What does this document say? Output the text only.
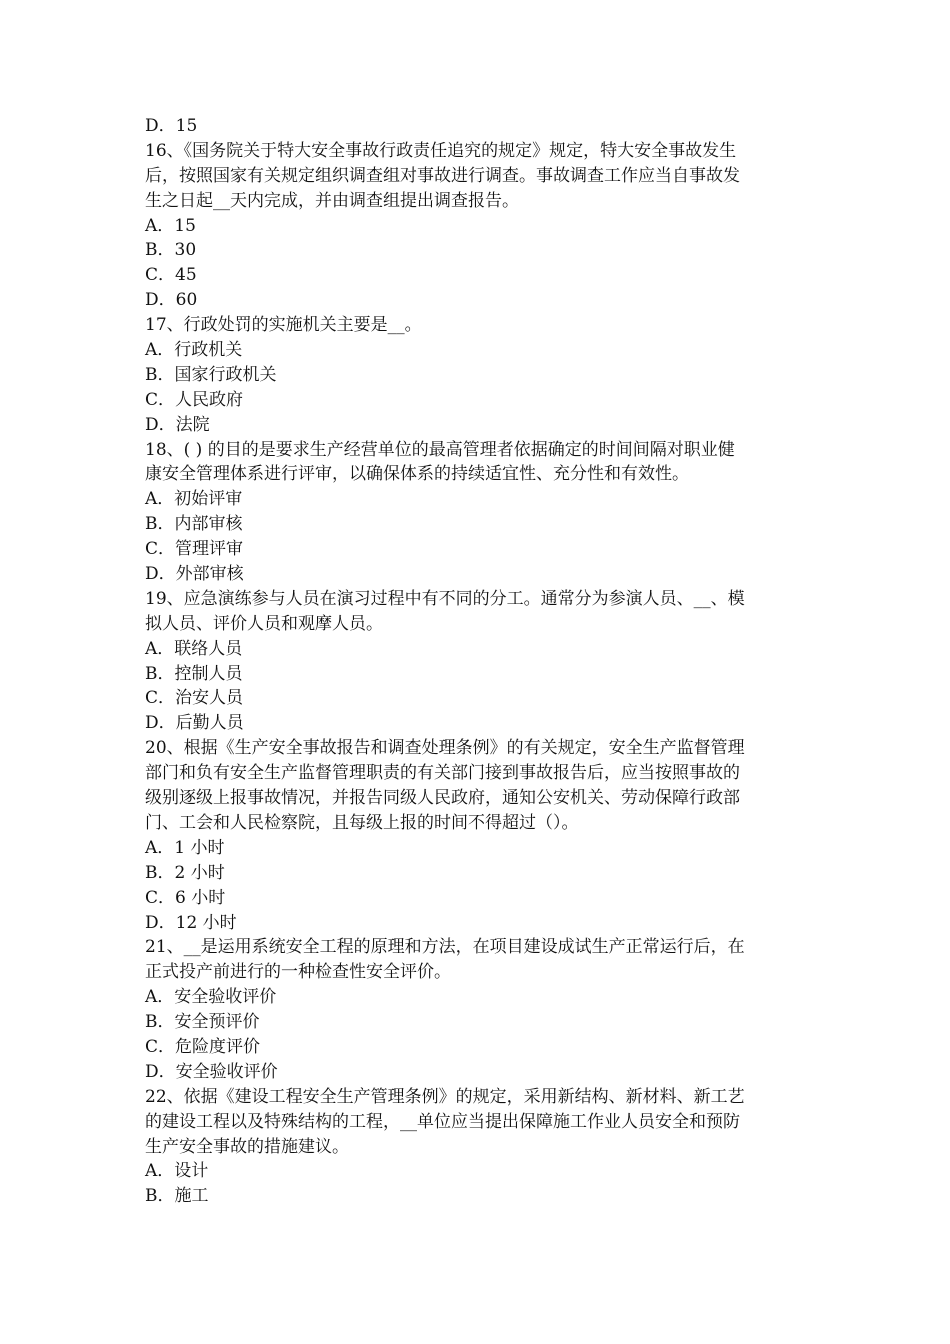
D．15
16、《国务院关于特大安全事故行政责任追究的规定》规定，特大安全事故发生
后，按照国家有关规定组织调查组对事故进行调查。事故调查工作应当自事故发
生之日起__天内完成，并由调查组提出调查报告。
A．15
B．30
C．45
D．60
17、行政处罚的实施机关主要是__。
A．行政机关
B．国家行政机关
C．人民政府
D．法院
18、( ) 的目的是要求生产经营单位的最高管理者依据确定的时间间隔对职业健
康安全管理体系进行评审，以确保体系的持续适宜性、充分性和有效性。
A．初始评审
B．内部审核
C．管理评审
D．外部审核
19、应急演练参与人员在演习过程中有不同的分工。通常分为参演人员、__、模
拟人员、评价人员和观摩人员。
A．联络人员
B．控制人员
C．治安人员
D．后勤人员
20、根据《生产安全事故报告和调查处理条例》的有关规定，安全生产监督管理
部门和负有安全生产监督管理职责的有关部门接到事故报告后，应当按照事故的
级别逐级上报事故情况，并报告同级人民政府，通知公安机关、劳动保障行政部
门、工会和人民检察院，且每级上报的时间不得超过（）。
A．1 小时
B．2 小时
C．6 小时
D．12 小时
21、__是运用系统安全工程的原理和方法，在项目建设成试生产正常运行后，在
正式投产前进行的一种检查性安全评价。
A．安全验收评价
B．安全预评价
C．危险度评价
D．安全验收评价
22、依据《建设工程安全生产管理条例》的规定，采用新结构、新材料、新工艺
的建设工程以及特殊结构的工程，__单位应当提出保障施工作业人员安全和预防
生产安全事故的措施建议。
A．设计
B．施工
